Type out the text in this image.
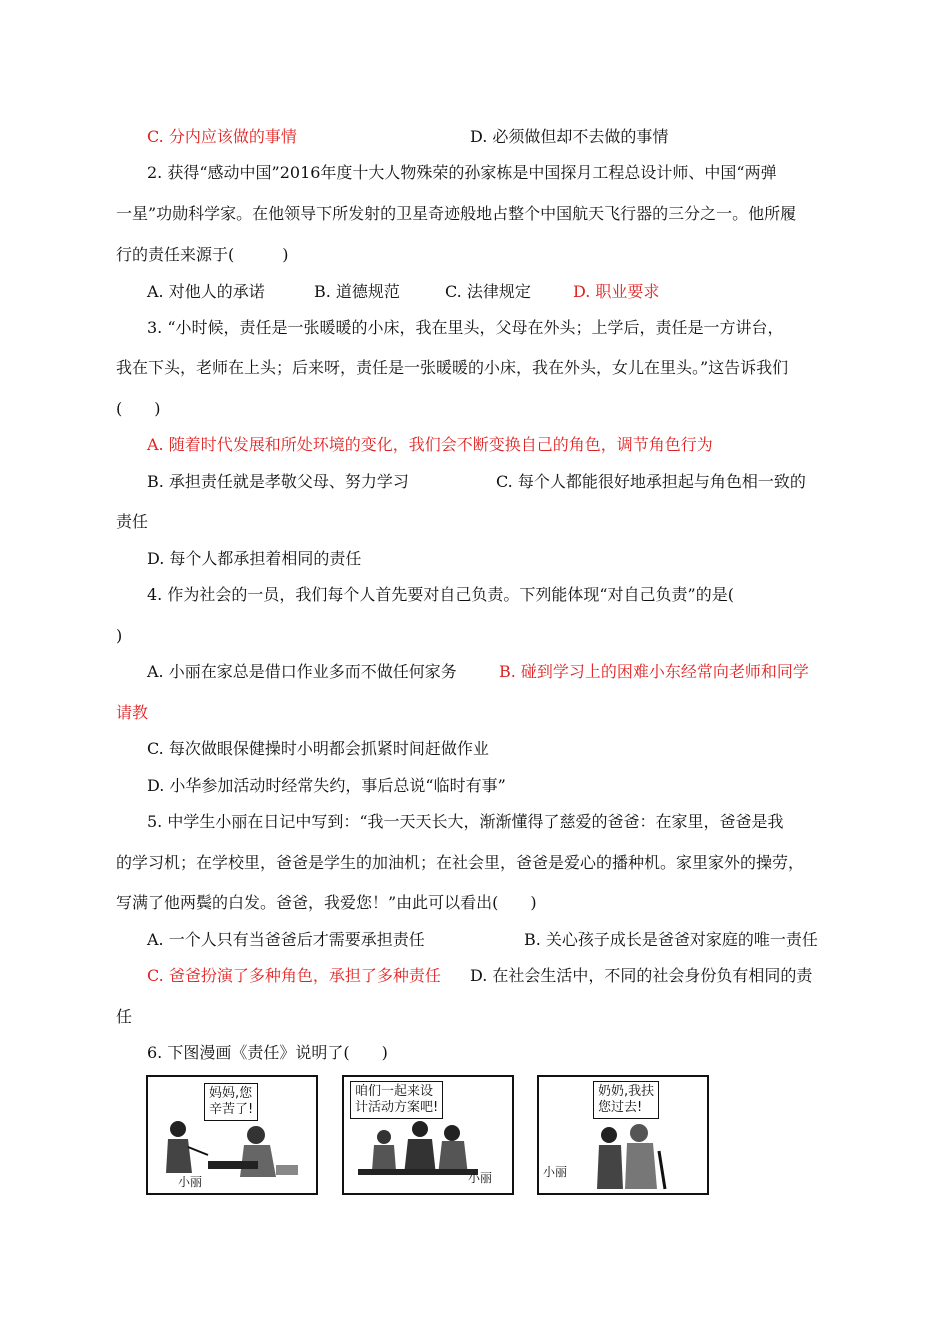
C. 分内应该做的事情	D. 必须做但却不去做的事情
2. 获得“感动中国”2016年度十大人物殊荣的孙家栋是中国探月工程总设计师、中国“两弹
一星”功勋科学家。在他领导下所发射的卫星奇迹般地占整个中国航天飞行器的三分之一。他所履
行的责任来源于(　　　)
A. 对他人的承诺	B. 道德规范	C. 法律规定	D. 职业要求
3. “小时候，责任是一张暖暖的小床，我在里头，父母在外头；上学后，责任是一方讲台，
我在下头，老师在上头；后来呀，责任是一张暖暖的小床，我在外头，女儿在里头。”这告诉我们
(　　)
A. 随着时代发展和所处环境的变化，我们会不断变换自己的角色，调节角色行为
B. 承担责任就是孝敬父母、努力学习	C. 每个人都能很好地承担起与角色相一致的
责任
D. 每个人都承担着相同的责任
4. 作为社会的一员，我们每个人首先要对自己负责。下列能体现“对自己负责”的是(　
)
A. 小丽在家总是借口作业多而不做任何家务	B. 碰到学习上的困难小东经常向老师和同学
请教
C. 每次做眼保健操时小明都会抓紧时间赶做作业
D. 小华参加活动时经常失约，事后总说“临时有事”
5. 中学生小丽在日记中写到：“我一天天长大，渐渐懂得了慈爱的爸爸：在家里，爸爸是我
的学习机；在学校里，爸爸是学生的加油机；在社会里，爸爸是爱心的播种机。家里家外的操劳，
写满了他两鬓的白发。爸爸，我爱您！”由此可以看出(　　)
A. 一个人只有当爸爸后才需要承担责任	B. 关心孩子成长是爸爸对家庭的唯一责任
C. 爸爸扮演了多种角色，承担了多种责任 D. 在社会生活中，不同的社会身份负有相同的责
任
6. 下图漫画《责任》说明了(　　)
妈妈,您
辛苦了!
小丽
咱们一起来设
计活动方案吧!
小丽
奶奶,我扶
您过去!
小丽
